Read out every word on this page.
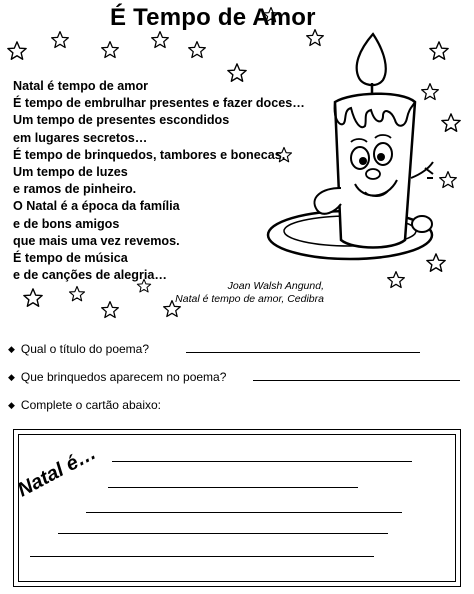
É Tempo de Amor
Natal é tempo de amor
É tempo de embrulhar presentes e fazer doces…
Um tempo de presentes escondidos
em lugares secretos…
É tempo de brinquedos, tambores e bonecas.
Um tempo de luzes
e ramos de pinheiro.
O Natal é a época da família
e de bons amigos
que mais uma vez revemos.
É tempo de música
e de canções de alegria…
Joan Walsh Angund,
Natal é tempo de amor, Cedibra
◆ Qual o título do poema?
◆ Que brinquedos aparecem no poema?
◆ Complete o cartão abaixo:
Natal é…
